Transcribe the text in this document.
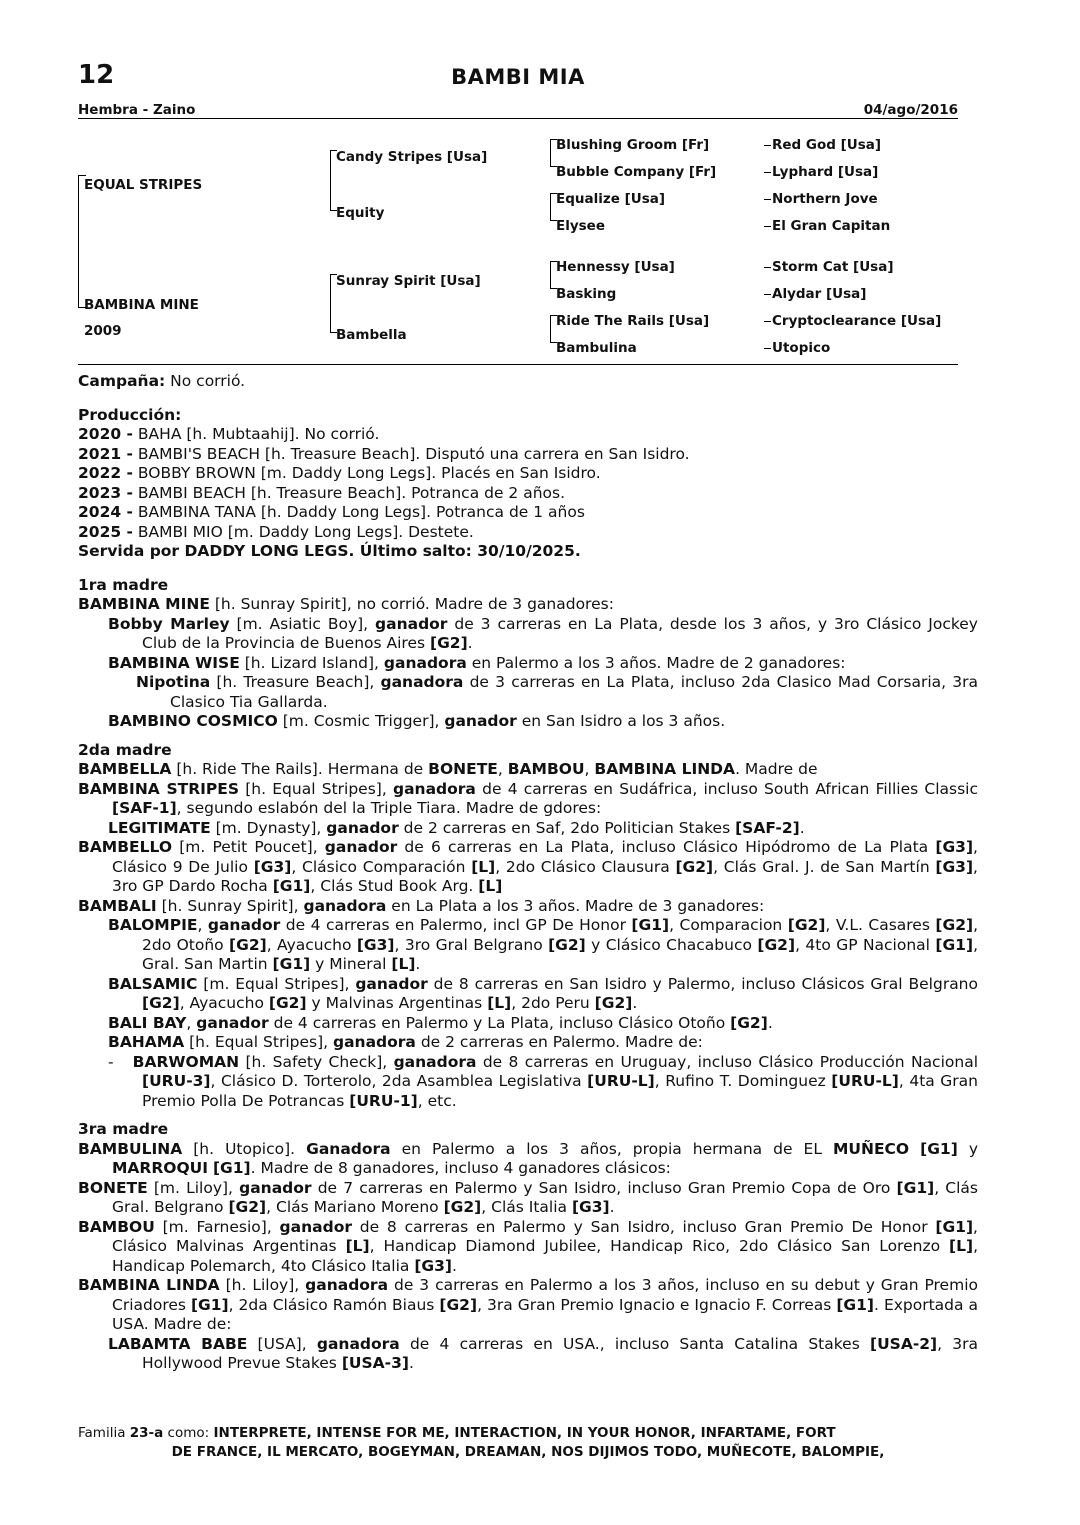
12	BAMBI MIA
Hembra - Zaino	04/ago/2016
EQUAL STRIPES
BAMBINA MINE
2009
Candy Stripes [Usa]
Equity
Sunray Spirit [Usa]
Bambella
Blushing Groom [Fr]
Bubble Company [Fr]
Equalize [Usa]
Elysee
Hennessy [Usa]
Basking
Ride The Rails [Usa]
Bambulina
Red God [Usa]
Lyphard [Usa]
Northern Jove
El Gran Capitan
Storm Cat [Usa]
Alydar [Usa]
Cryptoclearance [Usa]
Utopico

Campaña: No corrió.

Producción:

2020 - BAHA [h. Mubtaahij]. No corrió.

2021 - BAMBI'S BEACH [h. Treasure Beach]. Disputó una carrera en San Isidro.

2022 - BOBBY BROWN [m. Daddy Long Legs]. Placés en San Isidro.

2023 - BAMBI BEACH [h. Treasure Beach]. Potranca de 2 años.

2024 - BAMBINA TANA [h. Daddy Long Legs]. Potranca de 1 años

2025 - BAMBI MIO [m. Daddy Long Legs]. Destete.

Servida por DADDY LONG LEGS. Último salto: 30/10/2025.

1ra madre

BAMBINA MINE [h. Sunray Spirit], no corrió. Madre de 3 ganadores:

Bobby Marley [m. Asiatic Boy], ganador de 3 carreras en La Plata, desde los 3 años, y 3ro Clásico Jockey Club de la Provincia de Buenos Aires [G2].

BAMBINA WISE [h. Lizard Island], ganadora en Palermo a los 3 años. Madre de 2 ganadores:

Nipotina [h. Treasure Beach], ganadora de 3 carreras en La Plata, incluso 2da Clasico Mad Corsaria, 3ra Clasico Tia Gallarda.

BAMBINO COSMICO [m. Cosmic Trigger], ganador en San Isidro a los 3 años.

2da madre

BAMBELLA [h. Ride The Rails]. Hermana de BONETE, BAMBOU, BAMBINA LINDA. Madre de

BAMBINA STRIPES [h. Equal Stripes], ganadora de 4 carreras en Sudáfrica, incluso South African Fillies Classic [SAF-1], segundo eslabón del la Triple Tiara. Madre de gdores:

LEGITIMATE [m. Dynasty], ganador de 2 carreras en Saf, 2do Politician Stakes [SAF-2].

BAMBELLO [m. Petit Poucet], ganador de 6 carreras en La Plata, incluso Clásico Hipódromo de La Plata [G3], Clásico 9 De Julio [G3], Clásico Comparación [L], 2do Clásico Clausura [G2], Clás Gral. J. de San Martín [G3], 3ro GP Dardo Rocha [G1], Clás Stud Book Arg. [L]

BAMBALI [h. Sunray Spirit], ganadora en La Plata a los 3 años. Madre de 3 ganadores:

BALOMPIE, ganador de 4 carreras en Palermo, incl GP De Honor [G1], Comparacion [G2], V.L. Casares [G2], 2do Otoño [G2], Ayacucho [G3], 3ro Gral Belgrano [G2] y Clásico Chacabuco [G2], 4to GP Nacional [G1], Gral. San Martin [G1] y Mineral [L].

BALSAMIC [m. Equal Stripes], ganador de 8 carreras en San Isidro y Palermo, incluso Clásicos Gral Belgrano [G2], Ayacucho [G2] y Malvinas Argentinas [L], 2do Peru [G2].

BALI BAY, ganador de 4 carreras en Palermo y La Plata, incluso Clásico Otoño [G2].

BAHAMA [h. Equal Stripes], ganadora de 2 carreras en Palermo. Madre de:

- BARWOMAN [h. Safety Check], ganadora de 8 carreras en Uruguay, incluso Clásico Producción Nacional [URU-3], Clásico D. Torterolo, 2da Asamblea Legislativa [URU-L], Rufino T. Dominguez [URU-L], 4ta Gran Premio Polla De Potrancas [URU-1], etc.

3ra madre

BAMBULINA [h. Utopico]. Ganadora en Palermo a los 3 años, propia hermana de EL MUÑECO [G1] y MARROQUI [G1]. Madre de 8 ganadores, incluso 4 ganadores clásicos:

BONETE [m. Liloy], ganador de 7 carreras en Palermo y San Isidro, incluso Gran Premio Copa de Oro [G1], Clás Gral. Belgrano [G2], Clás Mariano Moreno [G2], Clás Italia [G3].

BAMBOU [m. Farnesio], ganador de 8 carreras en Palermo y San Isidro, incluso Gran Premio De Honor [G1], Clásico Malvinas Argentinas [L], Handicap Diamond Jubilee, Handicap Rico, 2do Clásico San Lorenzo [L], Handicap Polemarch, 4to Clásico Italia [G3].

BAMBINA LINDA [h. Liloy], ganadora de 3 carreras en Palermo a los 3 años, incluso en su debut y Gran Premio Criadores [G1], 2da Clásico Ramón Biaus [G2], 3ra Gran Premio Ignacio e Ignacio F. Correas [G1]. Exportada a USA. Madre de:

LABAMTA BABE [USA], ganadora de 4 carreras en USA., incluso Santa Catalina Stakes [USA-2], 3ra Hollywood Prevue Stakes [USA-3].

Familia 23-a como: INTERPRETE, INTENSE FOR ME, INTERACTION, IN YOUR HONOR, INFARTAME, FORT

DE FRANCE, IL MERCATO, BOGEYMAN, DREAMAN, NOS DIJIMOS TODO, MUÑECOTE, BALOMPIE,
